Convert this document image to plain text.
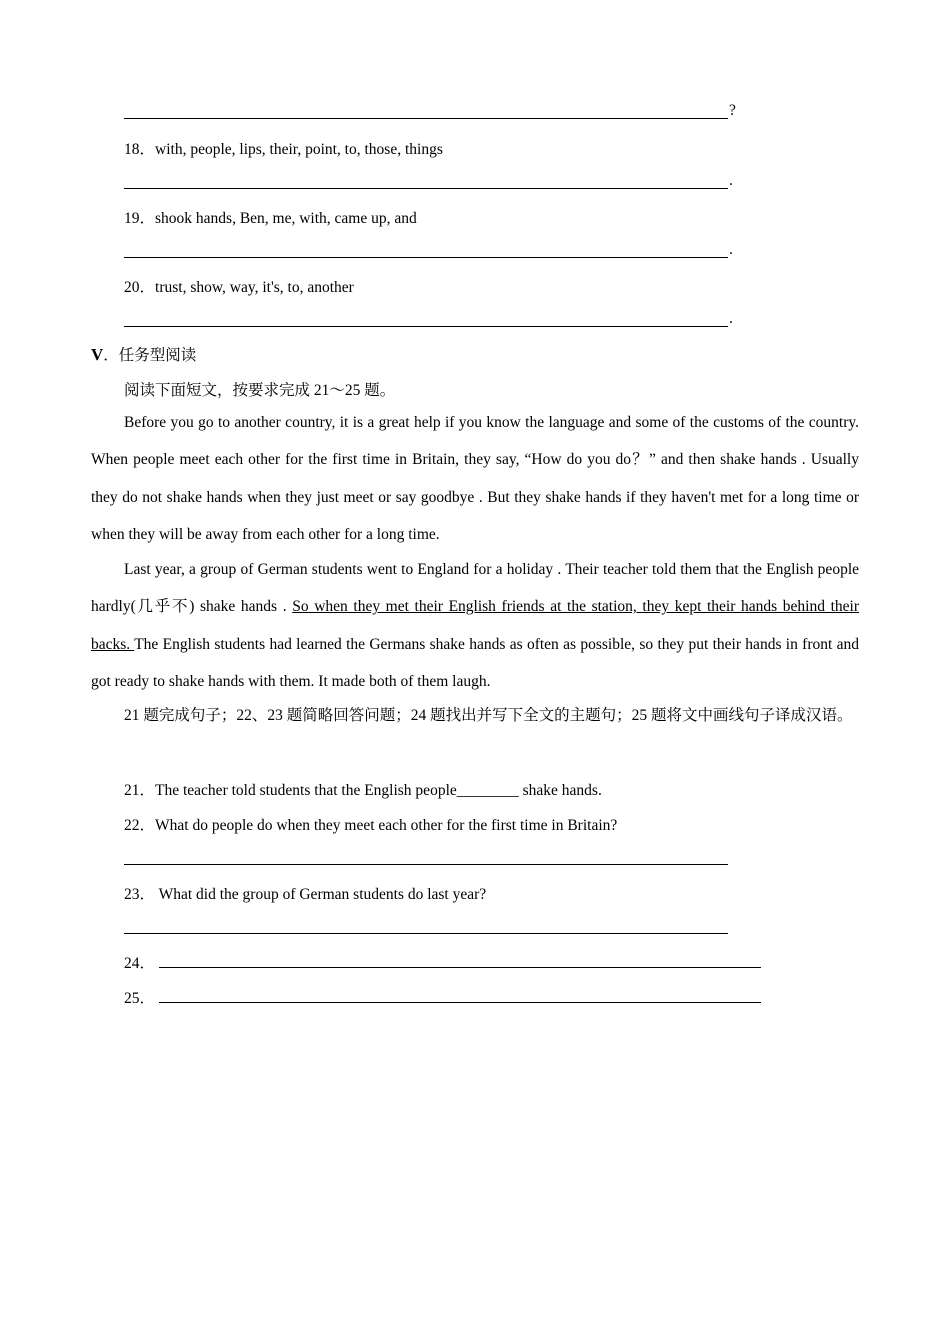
?
18．with, people, lips, their, point, to, those, things
.
19．shook hands, Ben, me, with, came up, and
.
20．trust, show, way, it's, to, another
.
V．任务型阅读
阅读下面短文，按要求完成 21～25 题。
Before you go to another country, it is a great help if you know the language and some of the customs of the country. When people meet each other for the first time in Britain, they say, “How do you do？” and then shake hands . Usually they do not shake hands when they just meet or say goodbye . But they shake hands if they haven't met for a long time or when they will be away from each other for a long time.
Last year, a group of German students went to England for a holiday . Their teacher told them that the English people hardly(几乎不) shake hands . So when they met their English friends at the station, they kept their hands behind their backs. The English students had learned the Germans shake hands as often as possible, so they put their hands in front and got ready to shake hands with them. It made both of them laugh.
21 题完成句子；22、23 题简略回答问题；24 题找出并写下全文的主题句；25 题将文中画线句子译成汉语。
21．The teacher told students that the English people________ shake hands.
22．What do people do when they meet each other for the first time in Britain?
23． What did the group of German students do last year?
24．
25．
